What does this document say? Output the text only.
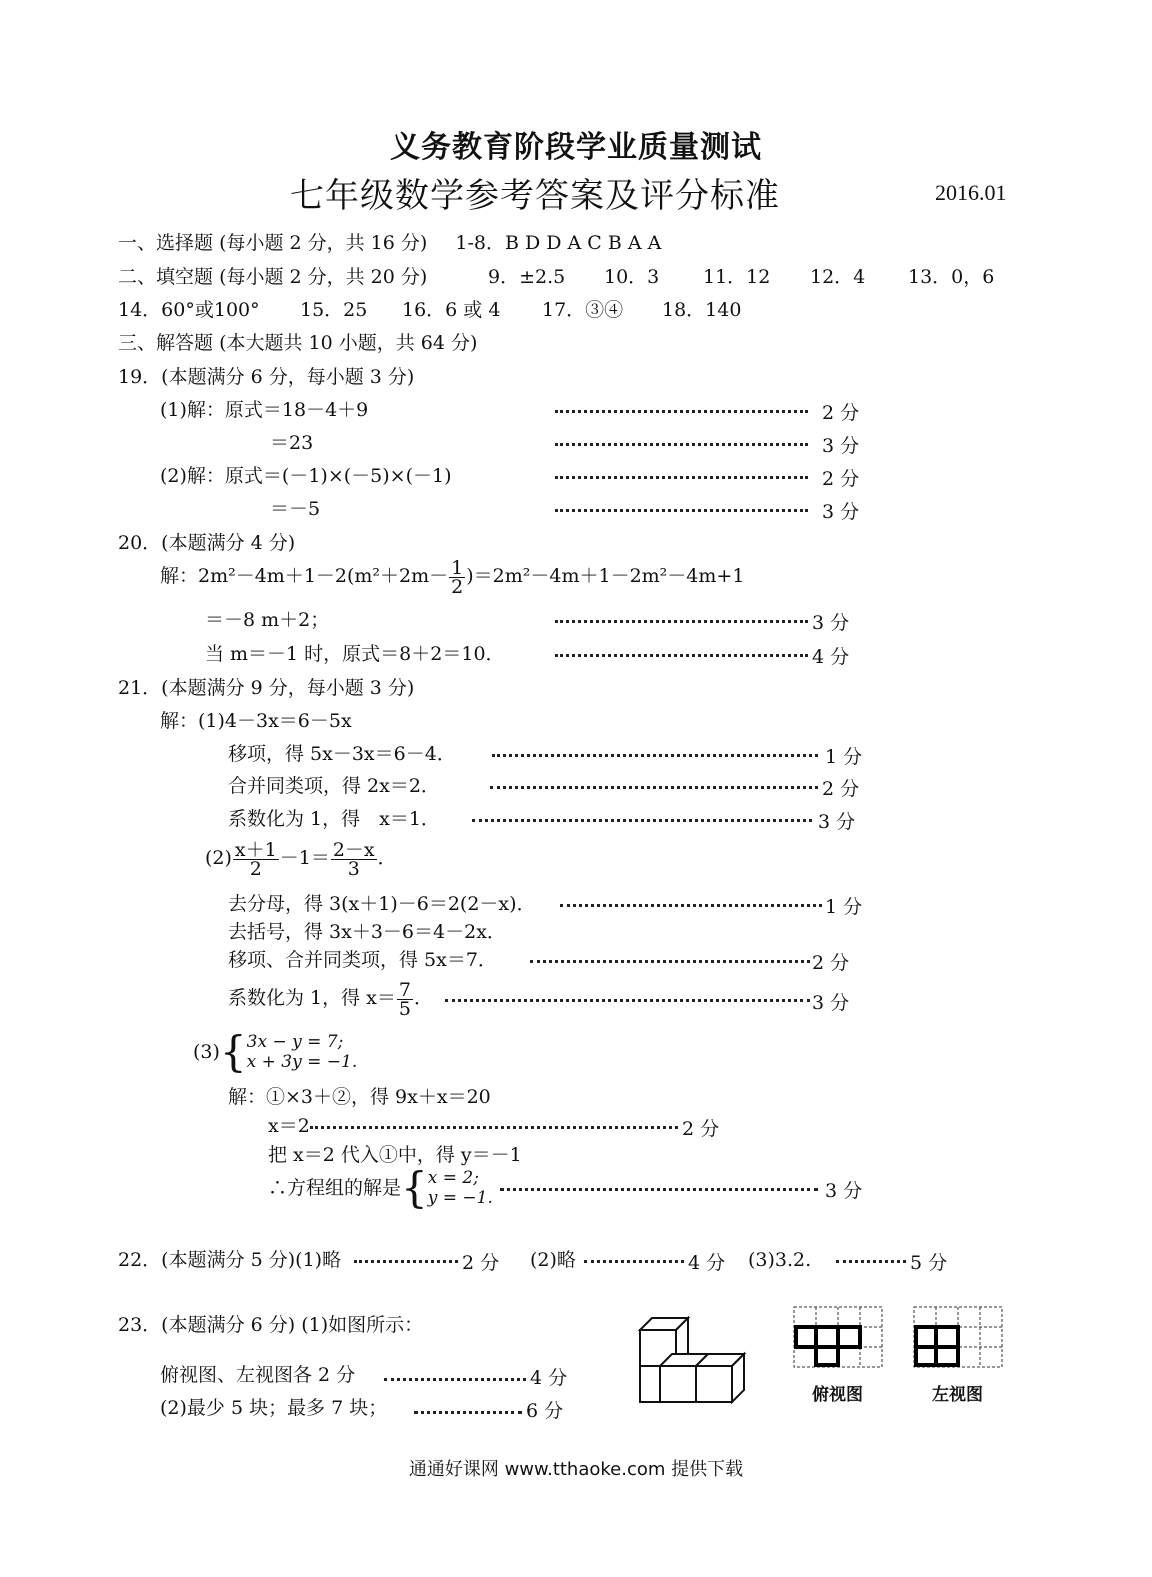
义务教育阶段学业质量测试
七年级数学参考答案及评分标准	2016.01
一、选择题 (每小题 2 分，共 16 分) 1-8．B D D A C B A A
二、填空题 (每小题 2 分，共 20 分)	9．±2.5 10．3 11．12 12．4 13．0，6
14．60°或100° 15．25 16．6 或 4 17．③④ 18．140
三、解答题 (本大题共 10 小题，共 64 分)
19．(本题满分 6 分，每小题 3 分)
(1)解：原式＝18－4＋9	2 分
＝23	3 分
(2)解：原式＝(－1)×(－5)×(－1)	2 分
＝－5	3 分
20．(本题满分 4 分)
解：$2m^2-4m+1-2(m^2+2m- \frac{1}{2} )=2m^2-4m+1-2m^2-4m+1$
＝－8 m＋2；	3 分
当 m＝－1 时，原式＝8＋2＝10．	4 分
21．(本题满分 9 分，每小题 3 分)
解：(1)4－3x＝6－5x
移项，得 5x－3x＝6－4．	1 分
合并同类项，得 2x＝2．	2 分
系数化为 1，得　x＝1．	3 分
$(2) \frac{x+1}{2} -1= \frac{2-x}{3}$ ．
去分母，得 3(x＋1)－6＝2(2－x)．	1 分
去括号，得 3x＋3－6＝4－2x．
移项、合并同类项，得 5x＝7．	2 分
系数化为 1，得 $x= \frac{7}{5}$ ．	3 分
(3){ 3x − y = 7;
x + 3y = −1.
解：①×3＋②，得 9x＋x＝20
x＝2	2 分
把 x＝2 代入①中，得 y＝－1
∴方程组的解是{ x = 2;
y = −1.	3 分
22．(本题满分 5 分)(1)略	2 分 (2)略	4 分 (3)3.2.	5 分
23．(本题满分 6 分) (1)如图所示：
俯视图、左视图各 2 分	4 分
(2)最少 5 块；最多 7 块；	6 分
俯视图	左视图
通通好课网 www.tthaoke.com 提供下载
